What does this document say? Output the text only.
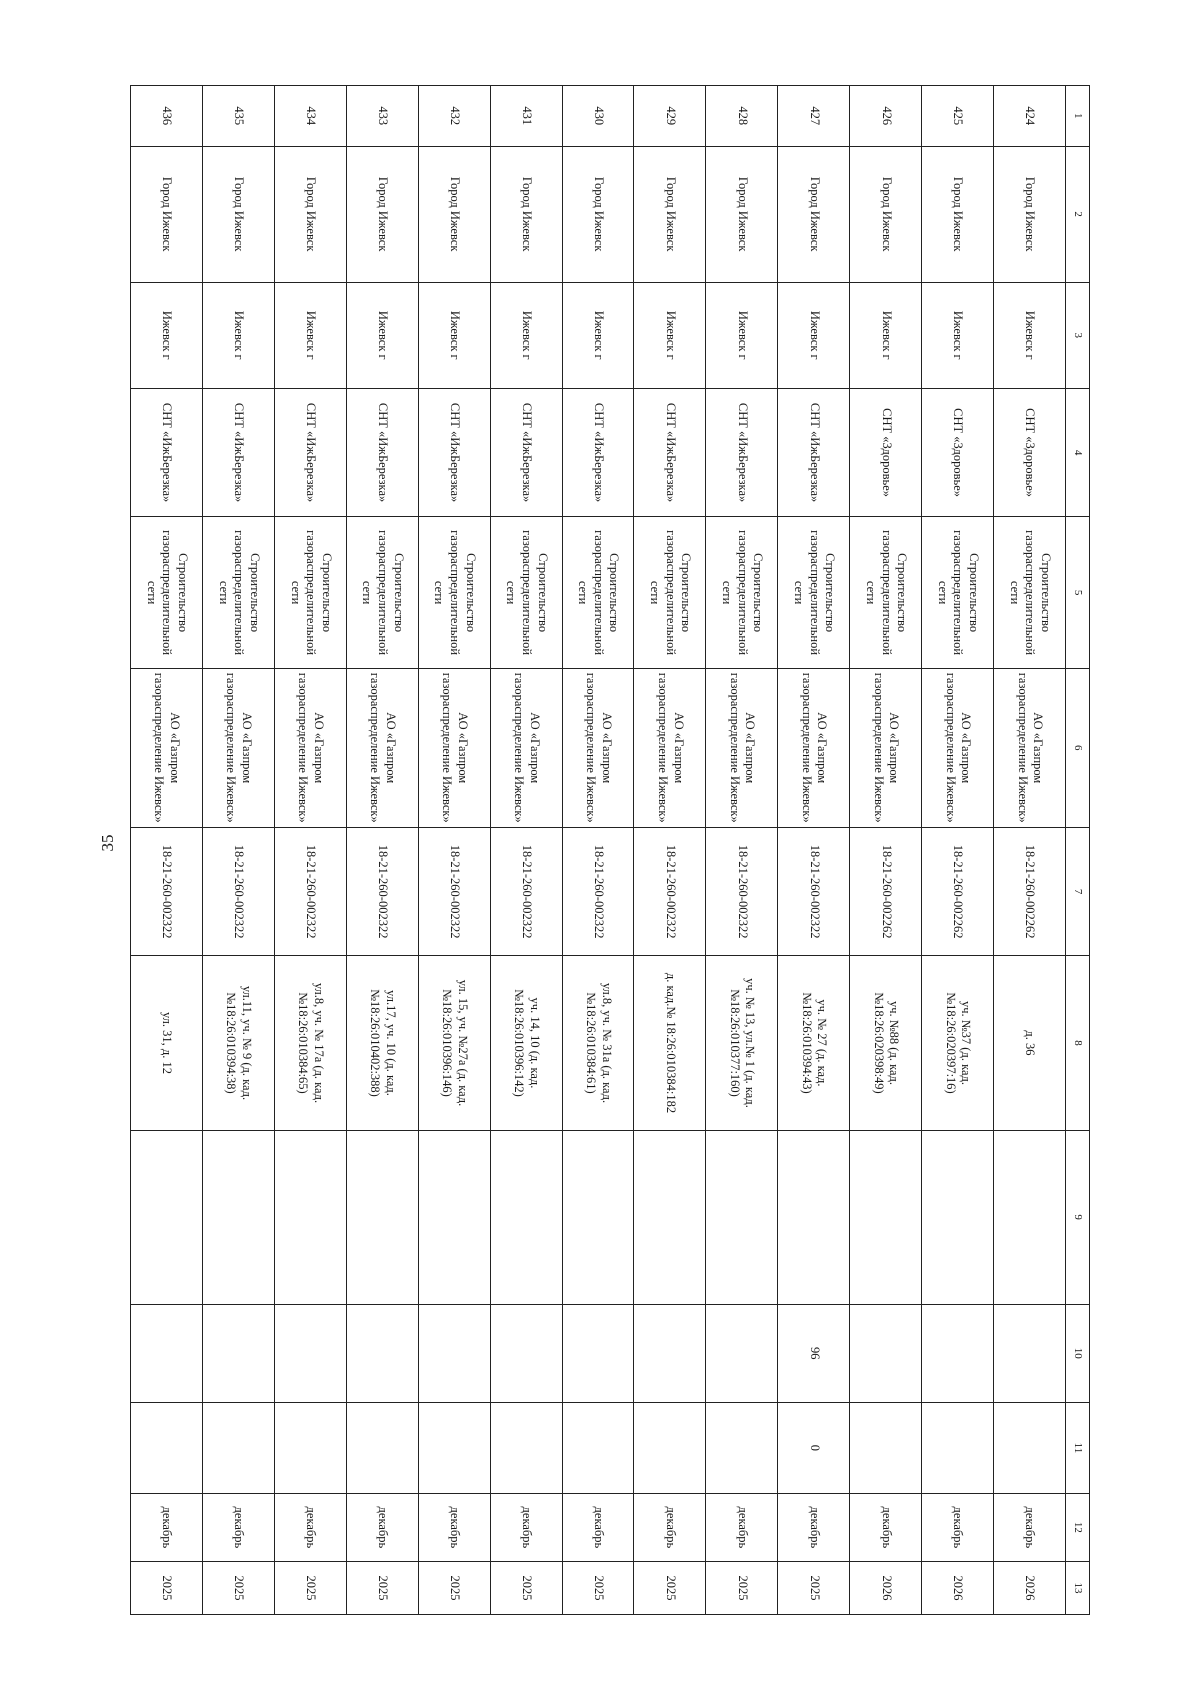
35
1	2	3	4	5	6	7	8	9	10	11	12	13
424	Город Ижевск	Ижевск г	СНТ «Здоровье»	Строительство газораспределительной сети	АО «Газпром газораспределение Ижевск»	18-21-260-002262	д. 36				декабрь	2026
425	Город Ижевск	Ижевск г	СНТ «Здоровье»	Строительство газораспределительной сети	АО «Газпром газораспределение Ижевск»	18-21-260-002262	уч. №37 (д. кад.№18:26:020397:16)				декабрь	2026
426	Город Ижевск	Ижевск г	СНТ «Здоровье»	Строительство газораспределительной сети	АО «Газпром газораспределение Ижевск»	18-21-260-002262	уч. №88 (д. кад.№18:26:020398:49)				декабрь	2026
427	Город Ижевск	Ижевск г	СНТ «ИжБерезка»	Строительство газораспределительной сети	АО «Газпром газораспределение Ижевск»	18-21-260-002322	уч. № 27 (д. кад.№18:26:010394:43)		96	0	декабрь	2025
428	Город Ижевск	Ижевск г	СНТ «ИжБерезка»	Строительство газораспределительной сети	АО «Газпром газораспределение Ижевск»	18-21-260-002322	уч. № 13, ул.№ 1 (д. кад.№18:26:010377:160)				декабрь	2025
429	Город Ижевск	Ижевск г	СНТ «ИжБерезка»	Строительство газораспределительной сети	АО «Газпром газораспределение Ижевск»	18-21-260-002322	д. кад.№ 18:26:010384:182				декабрь	2025
430	Город Ижевск	Ижевск г	СНТ «ИжБерезка»	Строительство газораспределительной сети	АО «Газпром газораспределение Ижевск»	18-21-260-002322	ул.8, уч. № 31а (д. кад.№18:26:010384:61)				декабрь	2025
431	Город Ижевск	Ижевск г	СНТ «ИжБерезка»	Строительство газораспределительной сети	АО «Газпром газораспределение Ижевск»	18-21-260-002322	уч. 14, 10 (д. кад.№18:26:010396:142)				декабрь	2025
432	Город Ижевск	Ижевск г	СНТ «ИжБерезка»	Строительство газораспределительной сети	АО «Газпром газораспределение Ижевск»	18-21-260-002322	ул. 15, уч. №27а (д. кад.№18:26:010396:146)				декабрь	2025
433	Город Ижевск	Ижевск г	СНТ «ИжБерезка»	Строительство газораспределительной сети	АО «Газпром газораспределение Ижевск»	18-21-260-002322	ул.17, уч. 10 (д. кад.№18:26:010402:388)				декабрь	2025
434	Город Ижевск	Ижевск г	СНТ «ИжБерезка»	Строительство газораспределительной сети	АО «Газпром газораспределение Ижевск»	18-21-260-002322	ул.8, уч. № 17а (д. кад.№18:26:010384:65)				декабрь	2025
435	Город Ижевск	Ижевск г	СНТ «ИжБерезка»	Строительство газораспределительной сети	АО «Газпром газораспределение Ижевск»	18-21-260-002322	ул.11, уч. № 9 (д. кад.№18:26:010394:38)				декабрь	2025
436	Город Ижевск	Ижевск г	СНТ «ИжБерезка»	Строительство газораспределительной сети	АО «Газпром газораспределение Ижевск»	18-21-260-002322	ул. 31, д. 12				декабрь	2025
